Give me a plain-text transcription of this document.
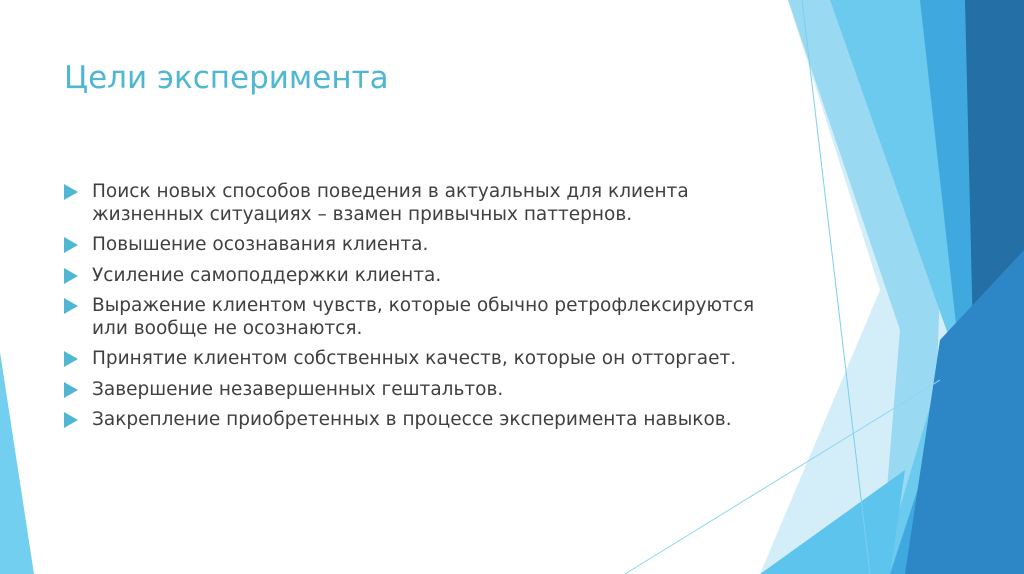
Цели эксперимента
Поиск новых способов поведения в актуальных для клиента жизненных ситуациях – взамен привычных паттернов.
Повышение осознавания клиента.
Усиление самоподдержки клиента.
Выражение клиентом чувств, которые обычно ретрофлексируются или вообще не осознаются.
Принятие клиентом собственных качеств, которые он отторгает.
Завершение незавершенных гештальтов.
Закрепление приобретенных в процессе эксперимента навыков.
